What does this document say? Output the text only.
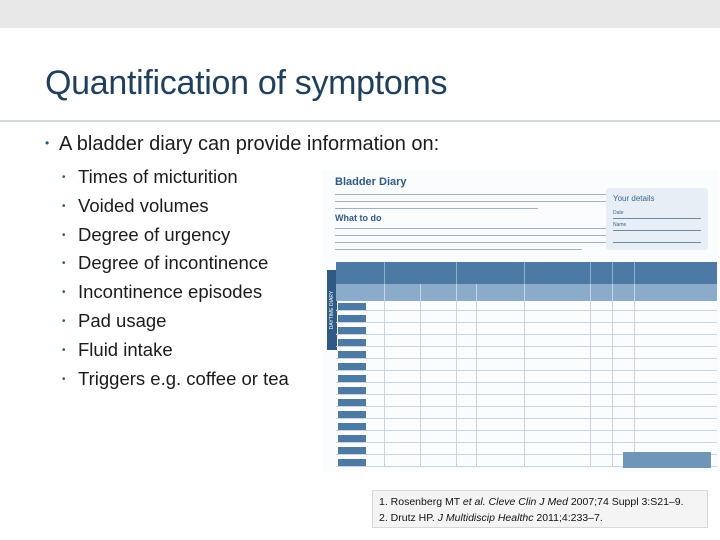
Quantification of symptoms
• A bladder diary can provide information on:
• Times of micturition
• Voided volumes
• Degree of urgency
• Degree of incontinence
• Incontinence episodes
• Pad usage
• Fluid intake
• Triggers e.g. coffee or tea
Bladder Diary
What to do
Your details
Date
Name
DAYTIME DIARY
1. Rosenberg MT et al. Cleve Clin J Med 2007;74 Suppl 3:S21–9.
2. Drutz HP. J Multidiscip Healthc 2011;4:233–7.
